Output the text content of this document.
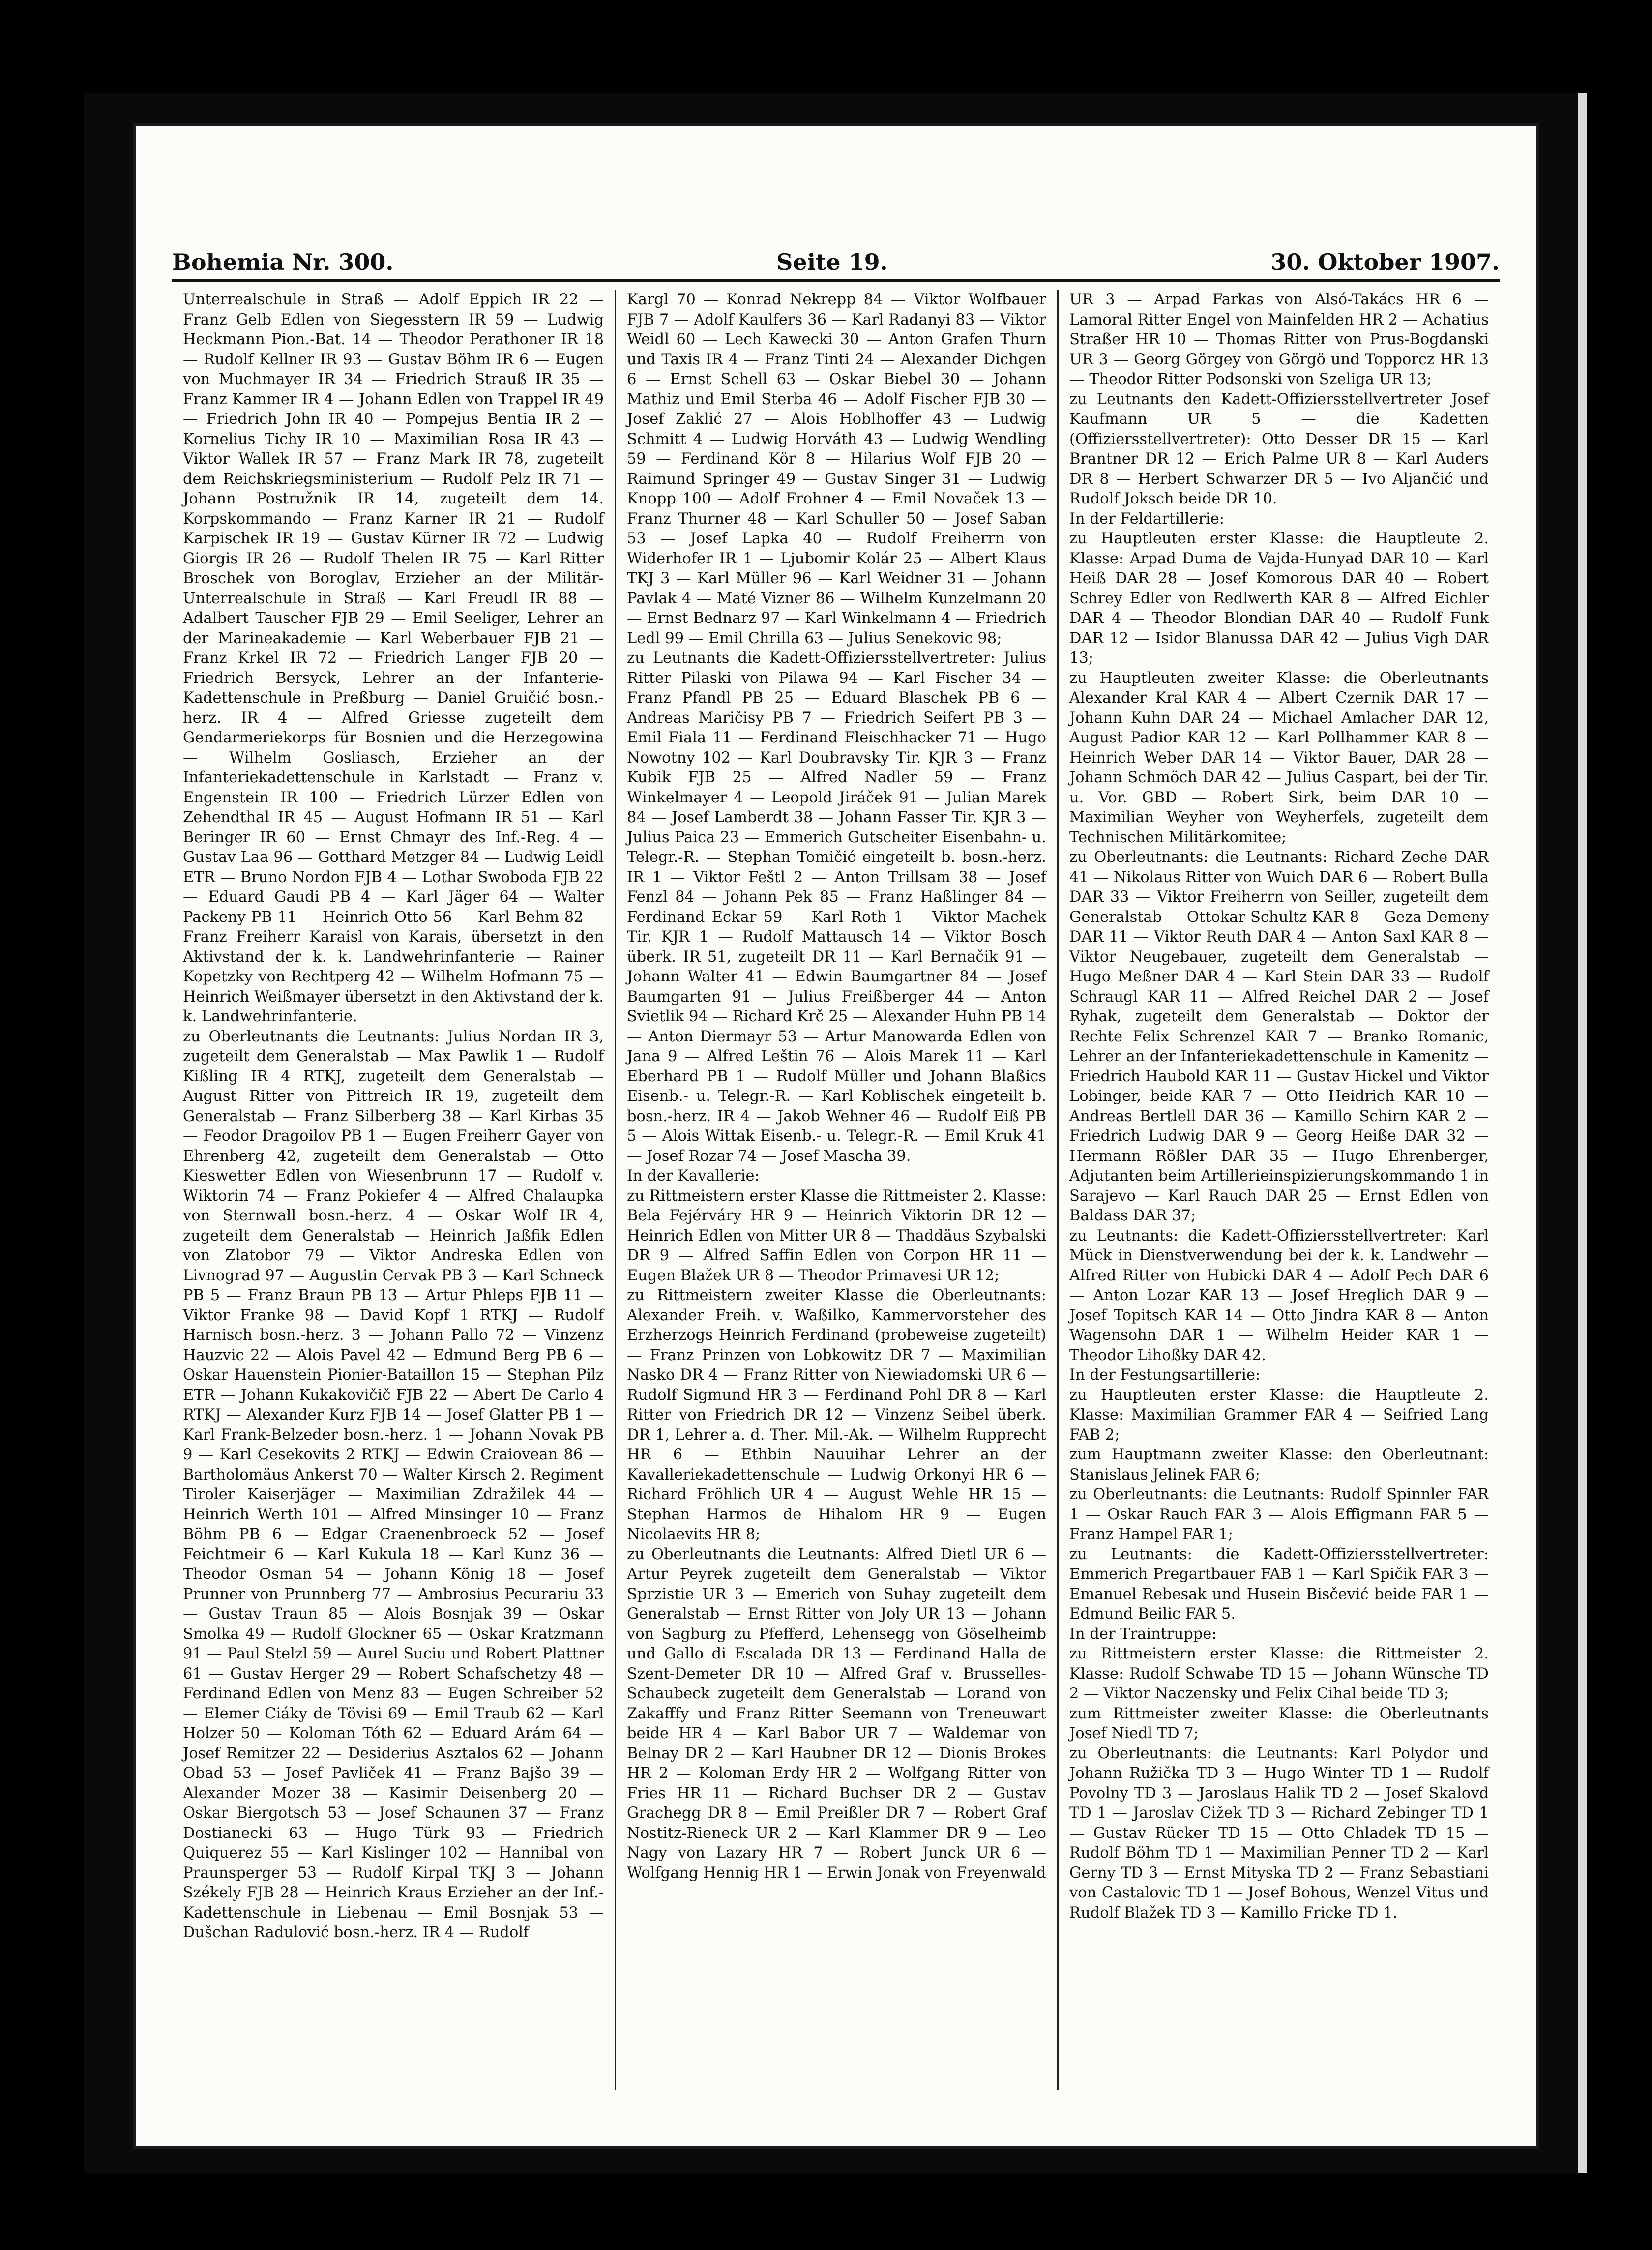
Bohemia Nr. 300.	Seite 19.	30. Oktober 1907.

Unterrealschule in Straß — Adolf Eppich IR 22 — Franz Gelb Edlen von Siegesstern IR 59 — Ludwig Heckmann Pion.-Bat. 14 — Theodor Perathoner IR 18 — Rudolf Kellner IR 93 — Gustav Böhm IR 6 — Eugen von Muchmayer IR 34 — Friedrich Strauß IR 35 — Franz Kammer IR 4 — Johann Edlen von Trappel IR 49 — Friedrich John IR 40 — Pompejus Bentia IR 2 — Kornelius Tichy IR 10 — Maximilian Rosa IR 43 — Viktor Wallek IR 57 — Franz Mark IR 78, zugeteilt dem Reichskriegsministerium — Rudolf Pelz IR 71 — Johann Postružnik IR 14, zugeteilt dem 14. Korpskommando — Franz Karner IR 21 — Rudolf Karpischek IR 19 — Gustav Kürner IR 72 — Ludwig Giorgis IR 26 — Rudolf Thelen IR 75 — Karl Ritter Broschek von Boroglav, Erzieher an der Militär-Unterrealschule in Straß — Karl Freudl IR 88 — Adalbert Tauscher FJB 29 — Emil Seeliger, Lehrer an der Marineakademie — Karl Weberbauer FJB 21 — Franz Krkel IR 72 — Friedrich Langer FJB 20 — Friedrich Bersyck, Lehrer an der Infanterie-Kadettenschule in Preßburg — Daniel Gruičić bosn.-herz. IR 4 — Alfred Griesse zugeteilt dem Gendarmeriekorps für Bosnien und die Herzegowina — Wilhelm Gosliasch, Erzieher an der Infanteriekadettenschule in Karlstadt — Franz v. Engenstein IR 100 — Friedrich Lürzer Edlen von Zehendthal IR 45 — August Hofmann IR 51 — Karl Beringer IR 60 — Ernst Chmayr des Inf.-Reg. 4 — Gustav Laa 96 — Gotthard Metzger 84 — Ludwig Leidl ETR — Bruno Nordon FJB 4 — Lothar Swoboda FJB 22 — Eduard Gaudi PB 4 — Karl Jäger 64 — Walter Packeny PB 11 — Heinrich Otto 56 — Karl Behm 82 — Franz Freiherr Karaisl von Karais, übersetzt in den Aktivstand der k. k. Landwehrinfanterie — Rainer Kopetzky von Rechtperg 42 — Wilhelm Hofmann 75 — Heinrich Weißmayer übersetzt in den Aktivstand der k. k. Landwehrinfanterie.

zu Oberleutnants die Leutnants: Julius Nordan IR 3, zugeteilt dem Generalstab — Max Pawlik 1 — Rudolf Kißling IR 4 RTKJ, zugeteilt dem Generalstab — August Ritter von Pittreich IR 19, zugeteilt dem Generalstab — Franz Silberberg 38 — Karl Kirbas 35 — Feodor Dragoilov PB 1 — Eugen Freiherr Gayer von Ehrenberg 42, zugeteilt dem Generalstab — Otto Kieswetter Edlen von Wiesenbrunn 17 — Rudolf v. Wiktorin 74 — Franz Pokiefer 4 — Alfred Chalaupka von Sternwall bosn.-herz. 4 — Oskar Wolf IR 4, zugeteilt dem Generalstab — Heinrich Jaßfik Edlen von Zlatobor 79 — Viktor Andreska Edlen von Livnograd 97 — Augustin Cervak PB 3 — Karl Schneck PB 5 — Franz Braun PB 13 — Artur Phleps FJB 11 — Viktor Franke 98 — David Kopf 1 RTKJ — Rudolf Harnisch bosn.-herz. 3 — Johann Pallo 72 — Vinzenz Hauzvic 22 — Alois Pavel 42 — Edmund Berg PB 6 — Oskar Hauenstein Pionier-Bataillon 15 — Stephan Pilz ETR — Johann Kukakovičič FJB 22 — Abert De Carlo 4 RTKJ — Alexander Kurz FJB 14 — Josef Glatter PB 1 — Karl Frank-Belzeder bosn.-herz. 1 — Johann Novak PB 9 — Karl Cesekovits 2 RTKJ — Edwin Craiovean 86 — Bartholomäus Ankerst 70 — Walter Kirsch 2. Regiment Tiroler Kaiserjäger — Maximilian Zdražilek 44 — Heinrich Werth 101 — Alfred Minsinger 10 — Franz Böhm PB 6 — Edgar Craenenbroeck 52 — Josef Feichtmeir 6 — Karl Kukula 18 — Karl Kunz 36 — Theodor Osman 54 — Johann König 18 — Josef Prunner von Prunnberg 77 — Ambrosius Pecurariu 33 — Gustav Traun 85 — Alois Bosnjak 39 — Oskar Smolka 49 — Rudolf Glockner 65 — Oskar Kratzmann 91 — Paul Stelzl 59 — Aurel Suciu und Robert Plattner 61 — Gustav Herger 29 — Robert Schafschetzy 48 — Ferdinand Edlen von Menz 83 — Eugen Schreiber 52 — Elemer Ciáky de Tövisi 69 — Emil Traub 62 — Karl Holzer 50 — Koloman Tóth 62 — Eduard Arám 64 — Josef Remitzer 22 — Desiderius Asztalos 62 — Johann Obad 53 — Josef Pavliček 41 — Franz Bajšo 39 — Alexander Mozer 38 — Kasimir Deisenberg 20 — Oskar Biergotsch 53 — Josef Schaunen 37 — Franz Dostianecki 63 — Hugo Türk 93 — Friedrich Quiquerez 55 — Karl Kislinger 102 — Hannibal von Praunsperger 53 — Rudolf Kirpal TKJ 3 — Johann Székely FJB 28 — Heinrich Kraus Erzieher an der Inf.-Kadettenschule in Liebenau — Emil Bosnjak 53 — Dušchan Radulović bosn.-herz. IR 4 — Rudolf

Kargl 70 — Konrad Nekrepp 84 — Viktor Wolfbauer FJB 7 — Adolf Kaulfers 36 — Karl Radanyi 83 — Viktor Weidl 60 — Lech Kawecki 30 — Anton Grafen Thurn und Taxis IR 4 — Franz Tinti 24 — Alexander Dichgen 6 — Ernst Schell 63 — Oskar Biebel 30 — Johann Mathiz und Emil Sterba 46 — Adolf Fischer FJB 30 — Josef Zaklić 27 — Alois Hoblhoffer 43 — Ludwig Schmitt 4 — Ludwig Horváth 43 — Ludwig Wendling 59 — Ferdinand Kör 8 — Hilarius Wolf FJB 20 — Raimund Springer 49 — Gustav Singer 31 — Ludwig Knopp 100 — Adolf Frohner 4 — Emil Novaček 13 — Franz Thurner 48 — Karl Schuller 50 — Josef Saban 53 — Josef Lapka 40 — Rudolf Freiherrn von Widerhofer IR 1 — Ljubomir Kolár 25 — Albert Klaus TKJ 3 — Karl Müller 96 — Karl Weidner 31 — Johann Pavlak 4 — Maté Vizner 86 — Wilhelm Kunzelmann 20 — Ernst Bednarz 97 — Karl Winkelmann 4 — Friedrich Ledl 99 — Emil Chrilla 63 — Julius Senekovic 98;

zu Leutnants die Kadett-Offiziersstellvertreter: Julius Ritter Pilaski von Pilawa 94 — Karl Fischer 34 — Franz Pfandl PB 25 — Eduard Blaschek PB 6 — Andreas Maričisy PB 7 — Friedrich Seifert PB 3 — Emil Fiala 11 — Ferdinand Fleischhacker 71 — Hugo Nowotny 102 — Karl Doubravsky Tir. KJR 3 — Franz Kubik FJB 25 — Alfred Nadler 59 — Franz Winkelmayer 4 — Leopold Jiráček 91 — Julian Marek 84 — Josef Lamberdt 38 — Johann Fasser Tir. KJR 3 — Julius Paica 23 — Emmerich Gutscheiter Eisenbahn- u. Telegr.-R. — Stephan Tomičić eingeteilt b. bosn.-herz. IR 1 — Viktor Feštl 2 — Anton Trillsam 38 — Josef Fenzl 84 — Johann Pek 85 — Franz Haßlinger 84 — Ferdinand Eckar 59 — Karl Roth 1 — Viktor Machek Tir. KJR 1 — Rudolf Mattausch 14 — Viktor Bosch überk. IR 51, zugeteilt DR 11 — Karl Bernačik 91 — Johann Walter 41 — Edwin Baumgartner 84 — Josef Baumgarten 91 — Julius Freißberger 44 — Anton Svietlik 94 — Richard Krč 25 — Alexander Huhn PB 14 — Anton Diermayr 53 — Artur Manowarda Edlen von Jana 9 — Alfred Leštin 76 — Alois Marek 11 — Karl Eberhard PB 1 — Rudolf Müller und Johann Blaßics Eisenb.- u. Telegr.-R. — Karl Koblischek eingeteilt b. bosn.-herz. IR 4 — Jakob Wehner 46 — Rudolf Eiß PB 5 — Alois Wittak Eisenb.- u. Telegr.-R. — Emil Kruk 41 — Josef Rozar 74 — Josef Mascha 39.

In der Kavallerie:

zu Rittmeistern erster Klasse die Rittmeister 2. Klasse: Bela Fejérváry HR 9 — Heinrich Viktorin DR 12 — Heinrich Edlen von Mitter UR 8 — Thaddäus Szybalski DR 9 — Alfred Saffin Edlen von Corpon HR 11 — Eugen Blažek UR 8 — Theodor Primavesi UR 12;

zu Rittmeistern zweiter Klasse die Oberleutnants: Alexander Freih. v. Waßilko, Kammervorsteher des Erzherzogs Heinrich Ferdinand (probeweise zugeteilt) — Franz Prinzen von Lobkowitz DR 7 — Maximilian Nasko DR 4 — Franz Ritter von Niewiadomski UR 6 — Rudolf Sigmund HR 3 — Ferdinand Pohl DR 8 — Karl Ritter von Friedrich DR 12 — Vinzenz Seibel überk. DR 1, Lehrer a. d. Ther. Mil.-Ak. — Wilhelm Rupprecht HR 6 — Ethbin Nauuihar Lehrer an der Kavalleriekadettenschule — Ludwig Orkonyi HR 6 — Richard Fröhlich UR 4 — August Wehle HR 15 — Stephan Harmos de Hihalom HR 9 — Eugen Nicolaevits HR 8;

zu Oberleutnants die Leutnants: Alfred Dietl UR 6 — Artur Peyrek zugeteilt dem Generalstab — Viktor Sprzistie UR 3 — Emerich von Suhay zugeteilt dem Generalstab — Ernst Ritter von Joly UR 13 — Johann von Sagburg zu Pfefferd, Lehensegg von Göselheimb und Gallo di Escalada DR 13 — Ferdinand Halla de Szent-Demeter DR 10 — Alfred Graf v. Brusselles-Schaubeck zugeteilt dem Generalstab — Lorand von Zakafffy und Franz Ritter Seemann von Treneuwart beide HR 4 — Karl Babor UR 7 — Waldemar von Belnay DR 2 — Karl Haubner DR 12 — Dionis Brokes HR 2 — Koloman Erdy HR 2 — Wolfgang Ritter von Fries HR 11 — Richard Buchser DR 2 — Gustav Grachegg DR 8 — Emil Preißler DR 7 — Robert Graf Nostitz-Rieneck UR 2 — Karl Klammer DR 9 — Leo Nagy von Lazary HR 7 — Robert Junck UR 6 — Wolfgang Hennig HR 1 — Erwin Jonak von Freyenwald

UR 3 — Arpad Farkas von Alsó-Takács HR 6 — Lamoral Ritter Engel von Mainfelden HR 2 — Achatius Straßer HR 10 — Thomas Ritter von Prus-Bogdanski UR 3 — Georg Görgey von Görgö und Topporcz HR 13 — Theodor Ritter Podsonski von Szeliga UR 13;

zu Leutnants den Kadett-Offiziersstellvertreter Josef Kaufmann UR 5 — die Kadetten (Offiziersstellvertreter): Otto Desser DR 15 — Karl Brantner DR 12 — Erich Palme UR 8 — Karl Auders DR 8 — Herbert Schwarzer DR 5 — Ivo Aljančić und Rudolf Joksch beide DR 10.

In der Feldartillerie:

zu Hauptleuten erster Klasse: die Hauptleute 2. Klasse: Arpad Duma de Vajda-Hunyad DAR 10 — Karl Heiß DAR 28 — Josef Komorous DAR 40 — Robert Schrey Edler von Redlwerth KAR 8 — Alfred Eichler DAR 4 — Theodor Blondian DAR 40 — Rudolf Funk DAR 12 — Isidor Blanussa DAR 42 — Julius Vigh DAR 13;

zu Hauptleuten zweiter Klasse: die Oberleutnants Alexander Kral KAR 4 — Albert Czernik DAR 17 — Johann Kuhn DAR 24 — Michael Amlacher DAR 12, August Padior KAR 12 — Karl Pollhammer KAR 8 — Heinrich Weber DAR 14 — Viktor Bauer, DAR 28 — Johann Schmöch DAR 42 — Julius Caspart, bei der Tir. u. Vor. GBD — Robert Sirk, beim DAR 10 — Maximilian Weyher von Weyherfels, zugeteilt dem Technischen Militärkomitee;

zu Oberleutnants: die Leutnants: Richard Zeche DAR 41 — Nikolaus Ritter von Wuich DAR 6 — Robert Bulla DAR 33 — Viktor Freiherrn von Seiller, zugeteilt dem Generalstab — Ottokar Schultz KAR 8 — Geza Demeny DAR 11 — Viktor Reuth DAR 4 — Anton Saxl KAR 8 — Viktor Neugebauer, zugeteilt dem Generalstab — Hugo Meßner DAR 4 — Karl Stein DAR 33 — Rudolf Schraugl KAR 11 — Alfred Reichel DAR 2 — Josef Ryhak, zugeteilt dem Generalstab — Doktor der Rechte Felix Schrenzel KAR 7 — Branko Romanic, Lehrer an der Infanteriekadettenschule in Kamenitz — Friedrich Haubold KAR 11 — Gustav Hickel und Viktor Lobinger, beide KAR 7 — Otto Heidrich KAR 10 — Andreas Bertlell DAR 36 — Kamillo Schirn KAR 2 — Friedrich Ludwig DAR 9 — Georg Heiße DAR 32 — Hermann Rößler DAR 35 — Hugo Ehrenberger, Adjutanten beim Artillerieinspizierungskommando 1 in Sarajevo — Karl Rauch DAR 25 — Ernst Edlen von Baldass DAR 37;

zu Leutnants: die Kadett-Offiziersstellvertreter: Karl Mück in Dienstverwendung bei der k. k. Landwehr — Alfred Ritter von Hubicki DAR 4 — Adolf Pech DAR 6 — Anton Lozar KAR 13 — Josef Hreglich DAR 9 — Josef Topitsch KAR 14 — Otto Jindra KAR 8 — Anton Wagensohn DAR 1 — Wilhelm Heider KAR 1 — Theodor Lihoßky DAR 42.

In der Festungsartillerie:

zu Hauptleuten erster Klasse: die Hauptleute 2. Klasse: Maximilian Grammer FAR 4 — Seifried Lang FAB 2;

zum Hauptmann zweiter Klasse: den Oberleutnant: Stanislaus Jelinek FAR 6;

zu Oberleutnants: die Leutnants: Rudolf Spinnler FAR 1 — Oskar Rauch FAR 3 — Alois Effigmann FAR 5 — Franz Hampel FAR 1;

zu Leutnants: die Kadett-Offiziersstellvertreter: Emmerich Pregartbauer FAB 1 — Karl Spičik FAR 3 — Emanuel Rebesak und Husein Bisčević beide FAR 1 — Edmund Beilic FAR 5.

In der Traintruppe:

zu Rittmeistern erster Klasse: die Rittmeister 2. Klasse: Rudolf Schwabe TD 15 — Johann Wünsche TD 2 — Viktor Naczensky und Felix Cihal beide TD 3;

zum Rittmeister zweiter Klasse: die Oberleutnants Josef Niedl TD 7;

zu Oberleutnants: die Leutnants: Karl Polydor und Johann Ružička TD 3 — Hugo Winter TD 1 — Rudolf Povolny TD 3 — Jaroslaus Halik TD 2 — Josef Skalovd TD 1 — Jaroslav Cižek TD 3 — Richard Zebinger TD 1 — Gustav Rücker TD 15 — Otto Chladek TD 15 — Rudolf Böhm TD 1 — Maximilian Penner TD 2 — Karl Gerny TD 3 — Ernst Mityska TD 2 — Franz Sebastiani von Castalovic TD 1 — Josef Bohous, Wenzel Vitus und Rudolf Blažek TD 3 — Kamillo Fricke TD 1.
